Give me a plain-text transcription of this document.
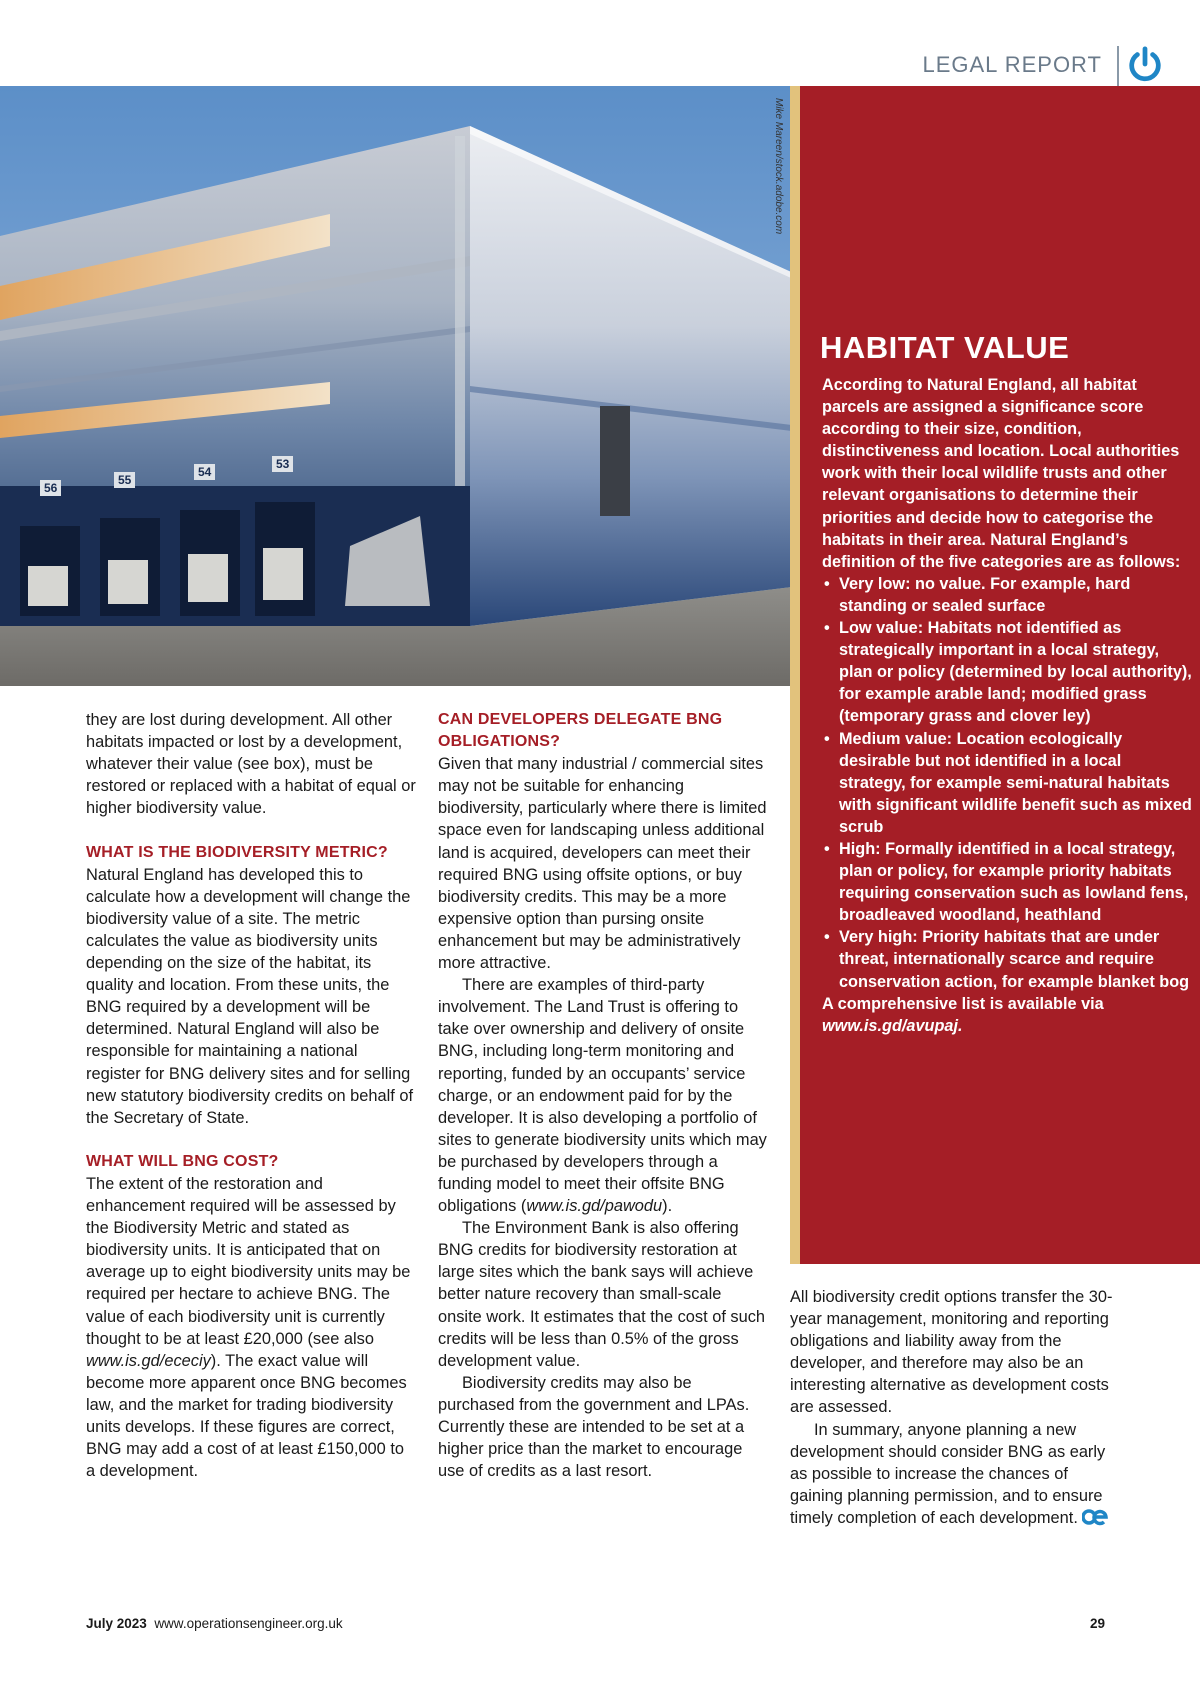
LEGAL REPORT
56
55
54
53
Mike Mareen/stock.adobe.com
HABITAT VALUE

According to Natural England, all habitat parcels are assigned a significance score according to their size, condition, distinctiveness and location. Local authorities work with their local wildlife trusts and other relevant organisations to determine their priorities and decide how to categorise the habitats in their area. Natural England’s definition of the five categories are as follows:

• Very low: no value. For example, hard standing or sealed surface
• Low value: Habitats not identified as strategically important in a local strategy, plan or policy (determined by local authority), for example arable land; modified grass (temporary grass and clover ley)
• Medium value: Location ecologically desirable but not identified in a local strategy, for example semi-natural habitats with significant wildlife benefit such as mixed scrub
• High: Formally identified in a local strategy, plan or policy, for example priority habitats requiring conservation such as lowland fens, broadleaved woodland, heathland
• Very high: Priority habitats that are under threat, internationally scarce and require conservation action, for example blanket bog

A comprehensive list is available via www.is.gd/avupaj.

they are lost during development. All other habitats impacted or lost by a development, whatever their value (see box), must be restored or replaced with a habitat of equal or higher biodiversity value.

WHAT IS THE BIODIVERSITY METRIC?

Natural England has developed this to calculate how a development will change the biodiversity value of a site. The metric calculates the value as biodiversity units depending on the size of the habitat, its quality and location. From these units, the BNG required by a development will be determined. Natural England will also be responsible for maintaining a national register for BNG delivery sites and for selling new statutory biodiversity credits on behalf of the Secretary of State.

WHAT WILL BNG COST?

The extent of the restoration and enhancement required will be assessed by the Biodiversity Metric and stated as biodiversity units. It is anticipated that on average up to eight biodiversity units may be required per hectare to achieve BNG. The value of each biodiversity unit is currently thought to be at least £20,000 (see also www.is.gd/ececiy). The exact value will become more apparent once BNG becomes law, and the market for trading biodiversity units develops. If these figures are correct, BNG may add a cost of at least £150,000 to a development.

CAN DEVELOPERS DELEGATE BNG OBLIGATIONS?

Given that many industrial / commercial sites may not be suitable for enhancing biodiversity, particularly where there is limited space even for landscaping unless additional land is acquired, developers can meet their required BNG using offsite options, or buy biodiversity credits. This may be a more expensive option than pursing onsite enhancement but may be administratively more attractive.

There are examples of third-party involvement. The Land Trust is offering to take over ownership and delivery of onsite BNG, including long-term monitoring and reporting, funded by an occupants’ service charge, or an endowment paid for by the developer. It is also developing a portfolio of sites to generate biodiversity units which may be purchased by developers through a funding model to meet their offsite BNG obligations (www.is.gd/pawodu).

The Environment Bank is also offering BNG credits for biodiversity restoration at large sites which the bank says will achieve better nature recovery than small-scale onsite work. It estimates that the cost of such credits will be less than 0.5% of the gross development value.

Biodiversity credits may also be purchased from the government and LPAs. Currently these are intended to be set at a higher price than the market to encourage use of credits as a last resort.

All biodiversity credit options transfer the 30-year management, monitoring and reporting obligations and liability away from the developer, and therefore may also be an interesting alternative as development costs are assessed.

In summary, anyone planning a new development should consider BNG as early as possible to increase the chances of gaining planning permission, and to ensure timely completion of each development.

July 2023 www.operationsengineer.org.uk	29
